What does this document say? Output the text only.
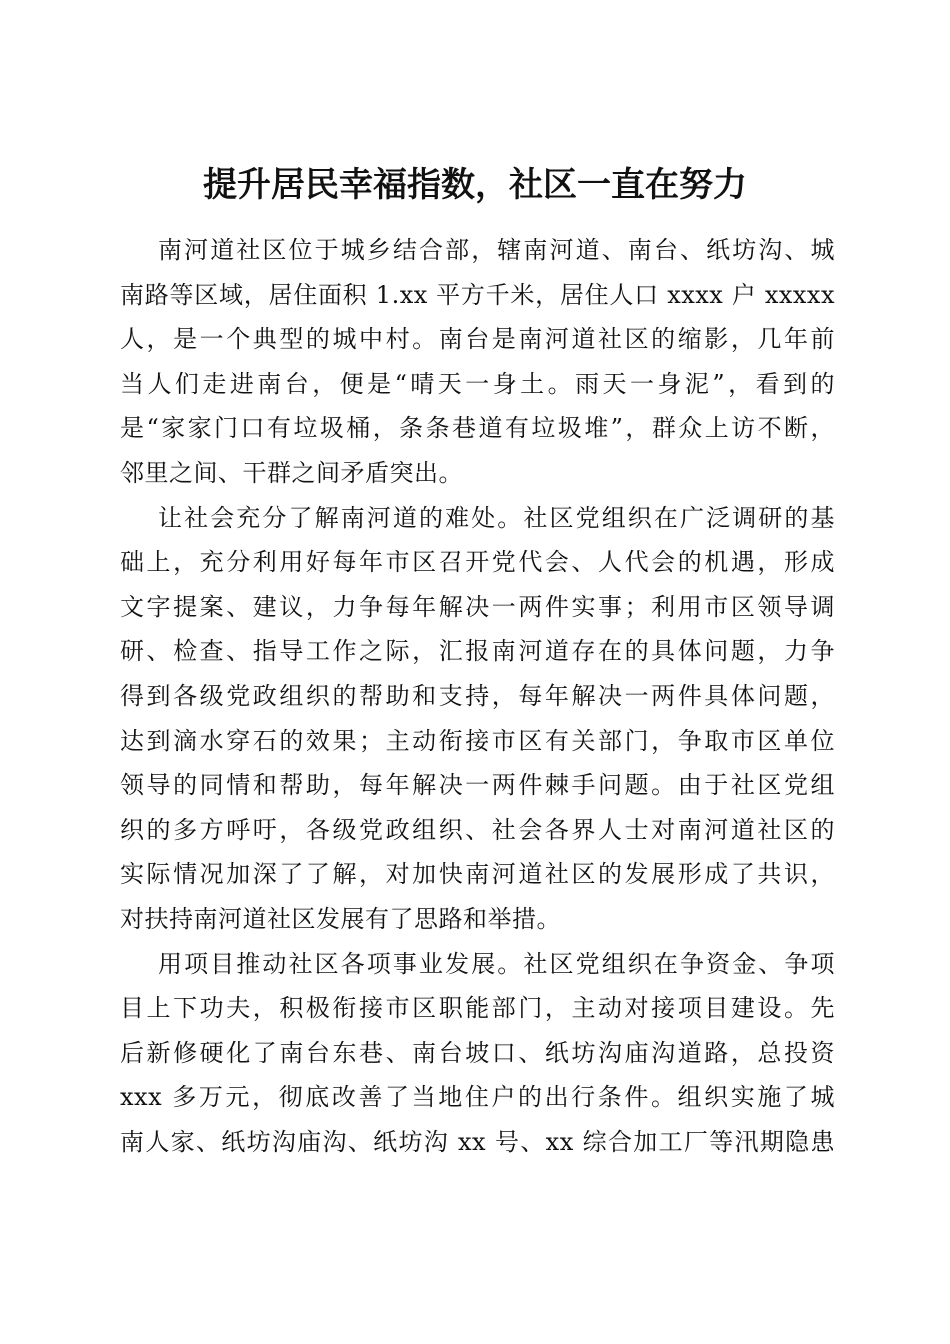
提升居民幸福指数，社区一直在努力
南河道社区位于城乡结合部，辖南河道、南台、纸坊沟、城
南路等区域，居住面积 1.xx 平方千米，居住人口 xxxx 户 xxxxx
人，是一个典型的城中村。南台是南河道社区的缩影，几年前
当人们走进南台，便是“晴天一身土。雨天一身泥”，看到的
是“家家门口有垃圾桶，条条巷道有垃圾堆”，群众上访不断，
邻里之间、干群之间矛盾突出。
让社会充分了解南河道的难处。社区党组织在广泛调研的基
础上，充分利用好每年市区召开党代会、人代会的机遇，形成
文字提案、建议，力争每年解决一两件实事；利用市区领导调
研、检查、指导工作之际，汇报南河道存在的具体问题，力争
得到各级党政组织的帮助和支持，每年解决一两件具体问题，
达到滴水穿石的效果；主动衔接市区有关部门，争取市区单位
领导的同情和帮助，每年解决一两件棘手问题。由于社区党组
织的多方呼吁，各级党政组织、社会各界人士对南河道社区的
实际情况加深了了解，对加快南河道社区的发展形成了共识，
对扶持南河道社区发展有了思路和举措。
用项目推动社区各项事业发展。社区党组织在争资金、争项
目上下功夫，积极衔接市区职能部门，主动对接项目建设。先
后新修硬化了南台东巷、南台坡口、纸坊沟庙沟道路，总投资
xxx 多万元，彻底改善了当地住户的出行条件。组织实施了城
南人家、纸坊沟庙沟、纸坊沟 xx 号、xx 综合加工厂等汛期隐患
